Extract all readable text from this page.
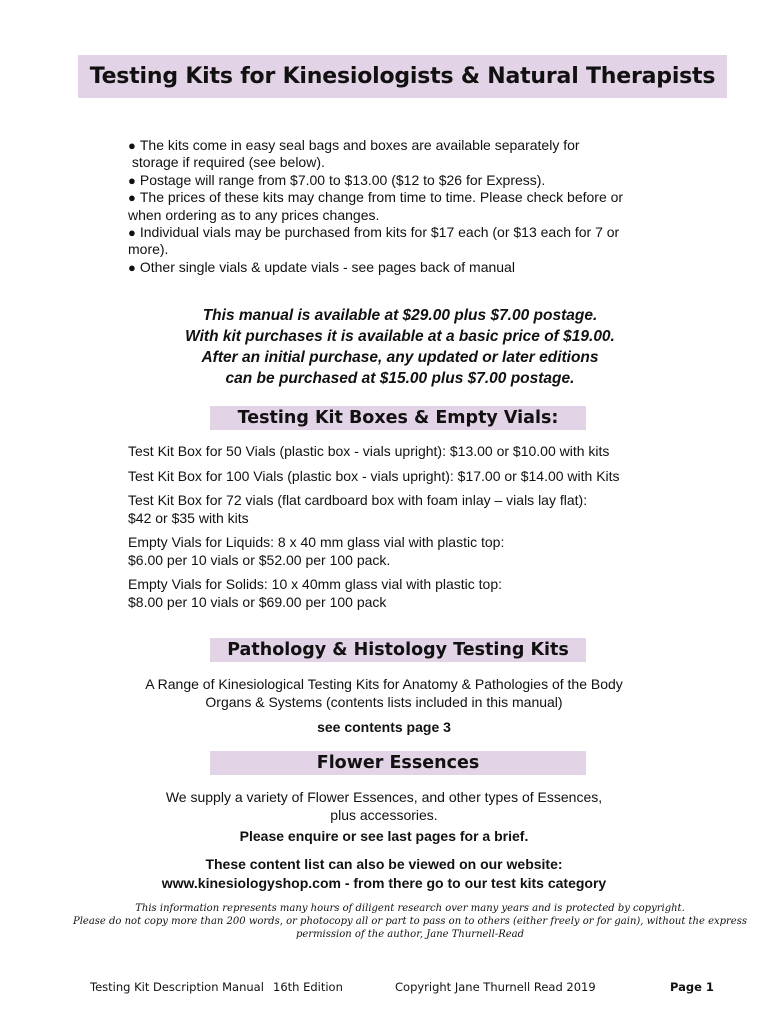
Testing Kits for Kinesiologists & Natural Therapists

● The kits come in easy seal bags and boxes are available separately for

storage if required (see below).

● Postage will range from $7.00 to $13.00 ($12 to $26 for Express).

● The prices of these kits may change from time to time. Please check before or

when ordering as to any prices changes.

● Individual vials may be purchased from kits for $17 each (or $13 each for 7 or

more).

● Other single vials & update vials - see pages back of manual

This manual is available at $29.00 plus $7.00 postage.

With kit purchases it is available at a basic price of $19.00.

After an initial purchase, any updated or later editions

can be purchased at $15.00 plus $7.00 postage.

Testing Kit Boxes & Empty Vials:

Test Kit Box for 50 Vials (plastic box - vials upright): $13.00 or $10.00 with kits

Test Kit Box for 100 Vials (plastic box - vials upright): $17.00 or $14.00 with Kits

Test Kit Box for 72 vials (flat cardboard box with foam inlay – vials lay flat):
$42 or $35 with kits

Empty Vials for Liquids: 8 x 40 mm glass vial with plastic top:
$6.00 per 10 vials or $52.00 per 100 pack.

Empty Vials for Solids: 10 x 40mm glass vial with plastic top:
$8.00 per 10 vials or $69.00 per 100 pack

Pathology & Histology Testing Kits

A Range of Kinesiological Testing Kits for Anatomy & Pathologies of the Body

Organs & Systems (contents lists included in this manual)

see contents page 3

Flower Essences

We supply a variety of Flower Essences, and other types of Essences,

plus accessories.

Please enquire or see last pages for a brief.

These content list can also be viewed on our website:

www.kinesiologyshop.com - from there go to our test kits category

This information represents many hours of diligent research over many years and is protected by copyright.

Please do not copy more than 200 words, or photocopy all or part to pass on to others (either freely or for gain), without the express

permission of the author, Jane Thurnell-Read

Testing Kit Description Manual 16th Edition	Copyright Jane Thurnell Read 2019	Page 1
